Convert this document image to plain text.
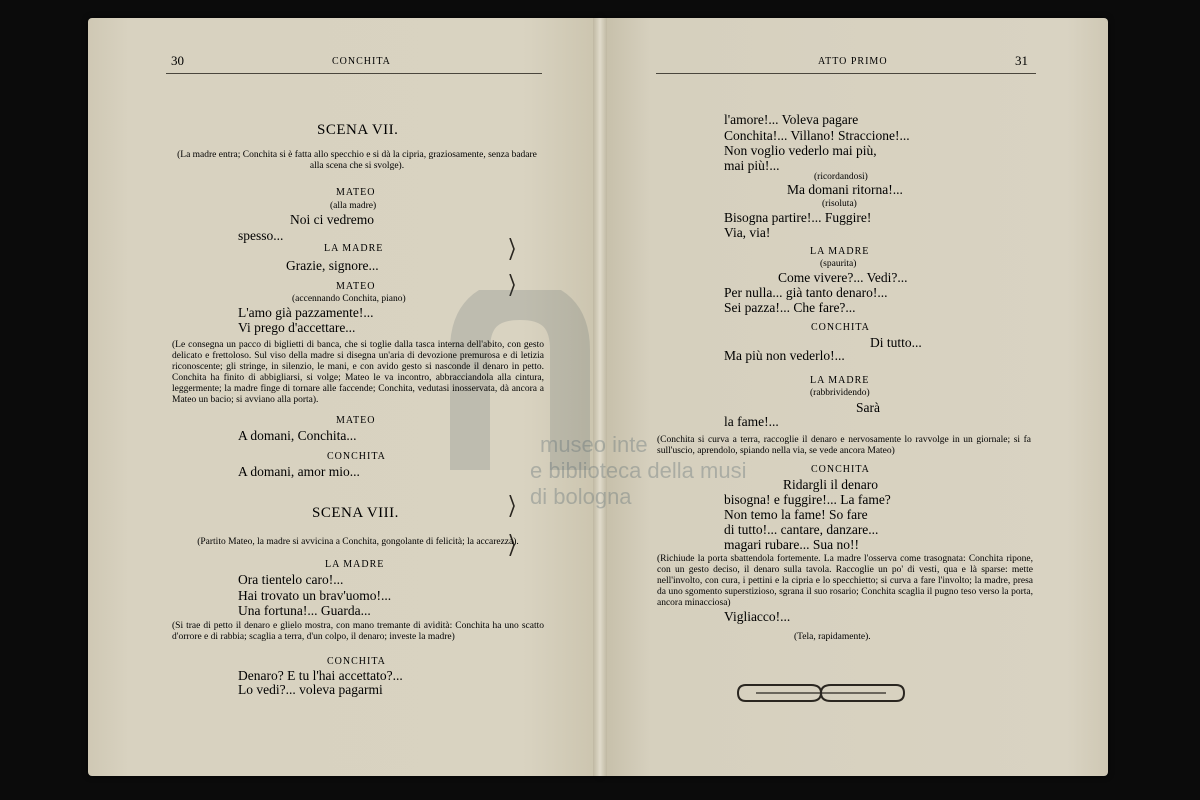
museo inte
e biblioteca della musi
di bologna
30	CONCHITA
SCENA VII.
(La madre entra; Conchita si è fatta allo specchio e si dà la cipria, graziosamente, senza badare alla scena che si svolge).
MATEO
(alla madre)
Noi ci vedremo
spesso...
LA MADRE
Grazie, signore...
MATEO
(accennando Conchita, piano)
L'amo già pazzamente!...
Vi prego d'accettare...
(Le consegna un pacco di biglietti di banca, che si toglie dalla tasca interna dell'abito, con gesto delicato e frettoloso. Sul viso della madre si disegna un'aria di devozione premurosa e di letizia riconoscente; gli stringe, in silenzio, le mani, e con avido gesto si nasconde il denaro in petto. Conchita ha finito di abbigliarsi, si volge; Mateo le va incontro, abbracciandola alla cintura, leggermente; la madre finge di tornare alle faccende; Conchita, vedutasi inosservata, dà ancora a Mateo un bacio; si avviano alla porta).
MATEO
A domani, Conchita...
CONCHITA
A domani, amor mio...
SCENA VIII.
(Partito Mateo, la madre si avvicina a Conchita, gongolante di felicità; la accarezza).
LA MADRE
Ora tientelo caro!...
Hai trovato un brav'uomo!...
Una fortuna!... Guarda...
(Si trae di petto il denaro e glielo mostra, con mano tremante di avidità: Conchita ha uno scatto d'orrore e di rabbia; scaglia a terra, d'un colpo, il denaro; investe la madre)
CONCHITA
Denaro? E tu l'hai accettato?...
Lo vedi?... voleva pagarmi
ATTO PRIMO	31
l'amore!... Voleva pagare
Conchita!... Villano! Straccione!...
Non voglio vederlo mai più,
mai più!...
(ricordandosi)
Ma domani ritorna!...
(risoluta)
Bisogna partire!... Fuggire!
Via, via!
LA MADRE
(spaurita)
Come vivere?... Vedi?...
Per nulla... già tanto denaro!...
Sei pazza!... Che fare?...
CONCHITA
Di tutto...
Ma più non vederlo!...
LA MADRE
(rabbrividendo)
Sarà
la fame!...
(Conchita si curva a terra, raccoglie il denaro e nervosamente lo ravvolge in un giornale; si fa sull'uscio, aprendolo, spiando nella via, se vede ancora Mateo)
CONCHITA
Ridargli il denaro
bisogna! e fuggire!... La fame?
Non temo la fame! So fare
di tutto!... cantare, danzare...
magari rubare... Sua no!!
(Richiude la porta sbattendola fortemente. La madre l'osserva come trasognata: Conchita ripone, con un gesto deciso, il denaro sulla tavola. Raccoglie un po' di vesti, qua e là sparse: mette nell'involto, con cura, i pettini e la cipria e lo specchietto; si curva a fare l'involto; la madre, presa da uno sgomento superstizioso, sgrana il suo rosario; Conchita scaglia il pugno teso verso la porta, ancora minacciosa)
Vigliacco!...
(Tela, rapidamente).
